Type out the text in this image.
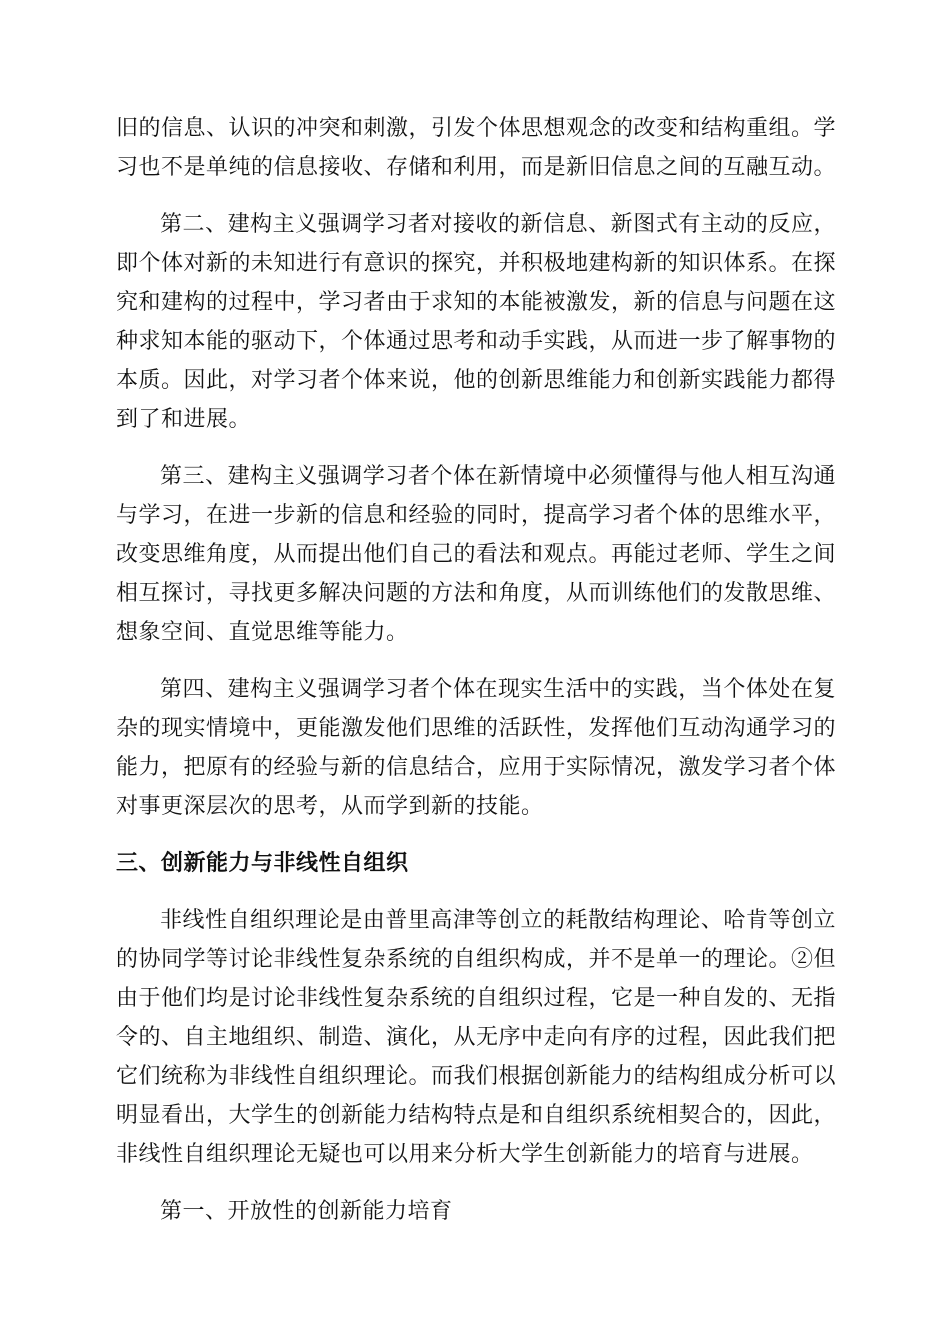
旧的信息、认识的冲突和刺激，引发个体思想观念的改变和结构重组。学习也不是单纯的信息接收、存储和利用，而是新旧信息之间的互融互动。

第二、建构主义强调学习者对接收的新信息、新图式有主动的反应，即个体对新的未知进行有意识的探究，并积极地建构新的知识体系。在探究和建构的过程中，学习者由于求知的本能被激发，新的信息与问题在这种求知本能的驱动下，个体通过思考和动手实践，从而进一步了解事物的本质。因此，对学习者个体来说，他的创新思维能力和创新实践能力都得到了和进展。

第三、建构主义强调学习者个体在新情境中必须懂得与他人相互沟通与学习，在进一步新的信息和经验的同时，提高学习者个体的思维水平，改变思维角度，从而提出他们自己的看法和观点。再能过老师、学生之间相互探讨，寻找更多解决问题的方法和角度，从而训练他们的发散思维、想象空间、直觉思维等能力。

第四、建构主义强调学习者个体在现实生活中的实践，当个体处在复杂的现实情境中，更能激发他们思维的活跃性，发挥他们互动沟通学习的能力，把原有的经验与新的信息结合，应用于实际情况，激发学习者个体对事更深层次的思考，从而学到新的技能。

三、创新能力与非线性自组织

非线性自组织理论是由普里高津等创立的耗散结构理论、哈肯等创立的协同学等讨论非线性复杂系统的自组织构成，并不是单一的理论。②但由于他们均是讨论非线性复杂系统的自组织过程，它是一种自发的、无指令的、自主地组织、制造、演化，从无序中走向有序的过程，因此我们把它们统称为非线性自组织理论。而我们根据创新能力的结构组成分析可以明显看出，大学生的创新能力结构特点是和自组织系统相契合的，因此，非线性自组织理论无疑也可以用来分析大学生创新能力的培育与进展。

第一、开放性的创新能力培育
